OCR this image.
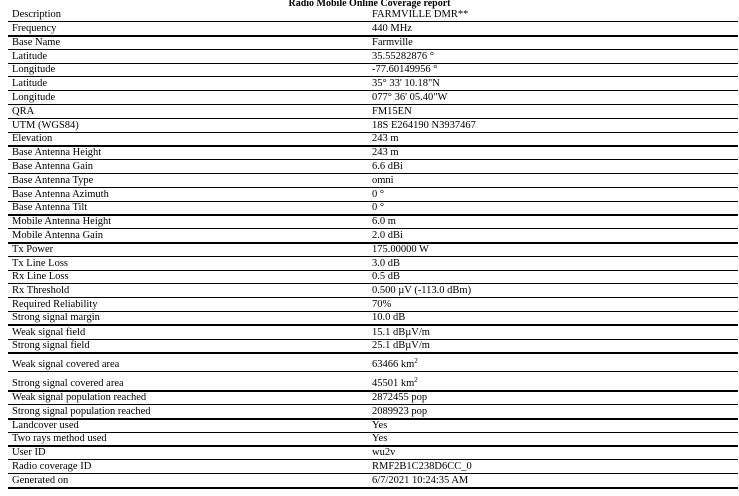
Radio Mobile Online Coverage report
Description	FARMVILLE DMR**
Frequency	440 MHz
Base Name	Farmville
Latitude	35.55282876 °
Longitude	-77.60149956 °
Latitude	35° 33' 10.18"N
Longitude	077° 36' 05.40"W
QRA	FM15EN
UTM (WGS84)	18S E264190 N3937467
Elevation	243 m
Base Antenna Height	243 m
Base Antenna Gain	6.6 dBi
Base Antenna Type	omni
Base Antenna Azimuth	0 °
Base Antenna Tilt	0 °
Mobile Antenna Height	6.0 m
Mobile Antenna Gain	2.0 dBi
Tx Power	175.00000 W
Tx Line Loss	3.0 dB
Rx Line Loss	0.5 dB
Rx Threshold	0.500 µV (-113.0 dBm)
Required Reliability	70%
Strong signal margin	10.0 dB
Weak signal field	15.1 dBµV/m
Strong signal field	25.1 dBµV/m
Weak signal covered area	63466 $km^2$
Strong signal covered area	45501 $km^2$
Weak signal population reached	2872455 pop
Strong signal population reached	2089923 pop
Landcover used	Yes
Two rays method used	Yes
User ID	wu2v
Radio coverage ID	RMF2B1C238D6CC_0
Generated on	6/7/2021 10:24:35 AM
